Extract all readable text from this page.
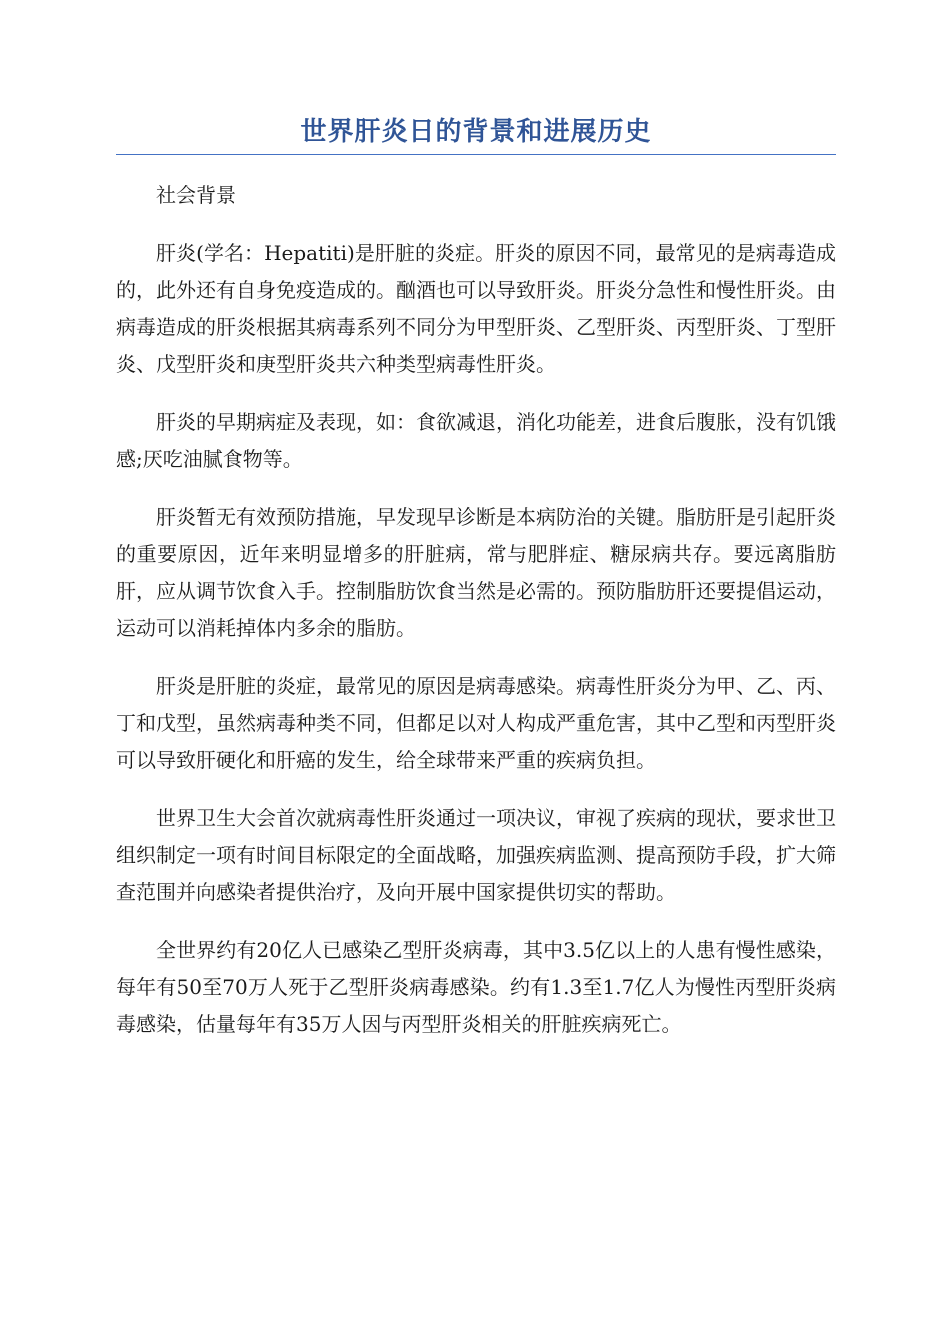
世界肝炎日的背景和进展历史

社会背景

肝炎(学名：Hepatiti)是肝脏的炎症。肝炎的原因不同，最常见的是病毒造成的，此外还有自身免疫造成的。酗酒也可以导致肝炎。肝炎分急性和慢性肝炎。由病毒造成的肝炎根据其病毒系列不同分为甲型肝炎、乙型肝炎、丙型肝炎、丁型肝炎、戊型肝炎和庚型肝炎共六种类型病毒性肝炎。

肝炎的早期病症及表现，如：食欲减退，消化功能差，进食后腹胀，没有饥饿感;厌吃油腻食物等。

肝炎暂无有效预防措施，早发现早诊断是本病防治的关键。脂肪肝是引起肝炎的重要原因，近年来明显增多的肝脏病，常与肥胖症、糖尿病共存。要远离脂肪肝，应从调节饮食入手。控制脂肪饮食当然是必需的。预防脂肪肝还要提倡运动，运动可以消耗掉体内多余的脂肪。

肝炎是肝脏的炎症，最常见的原因是病毒感染。病毒性肝炎分为甲、乙、丙、丁和戊型，虽然病毒种类不同，但都足以对人构成严重危害，其中乙型和丙型肝炎可以导致肝硬化和肝癌的发生，给全球带来严重的疾病负担。

世界卫生大会首次就病毒性肝炎通过一项决议，审视了疾病的现状，要求世卫组织制定一项有时间目标限定的全面战略，加强疾病监测、提高预防手段，扩大筛查范围并向感染者提供治疗，及向开展中国家提供切实的帮助。

全世界约有20亿人已感染乙型肝炎病毒，其中3.5亿以上的人患有慢性感染，每年有50至70万人死于乙型肝炎病毒感染。约有1.3至1.7亿人为慢性丙型肝炎病毒感染，估量每年有35万人因与丙型肝炎相关的肝脏疾病死亡。
